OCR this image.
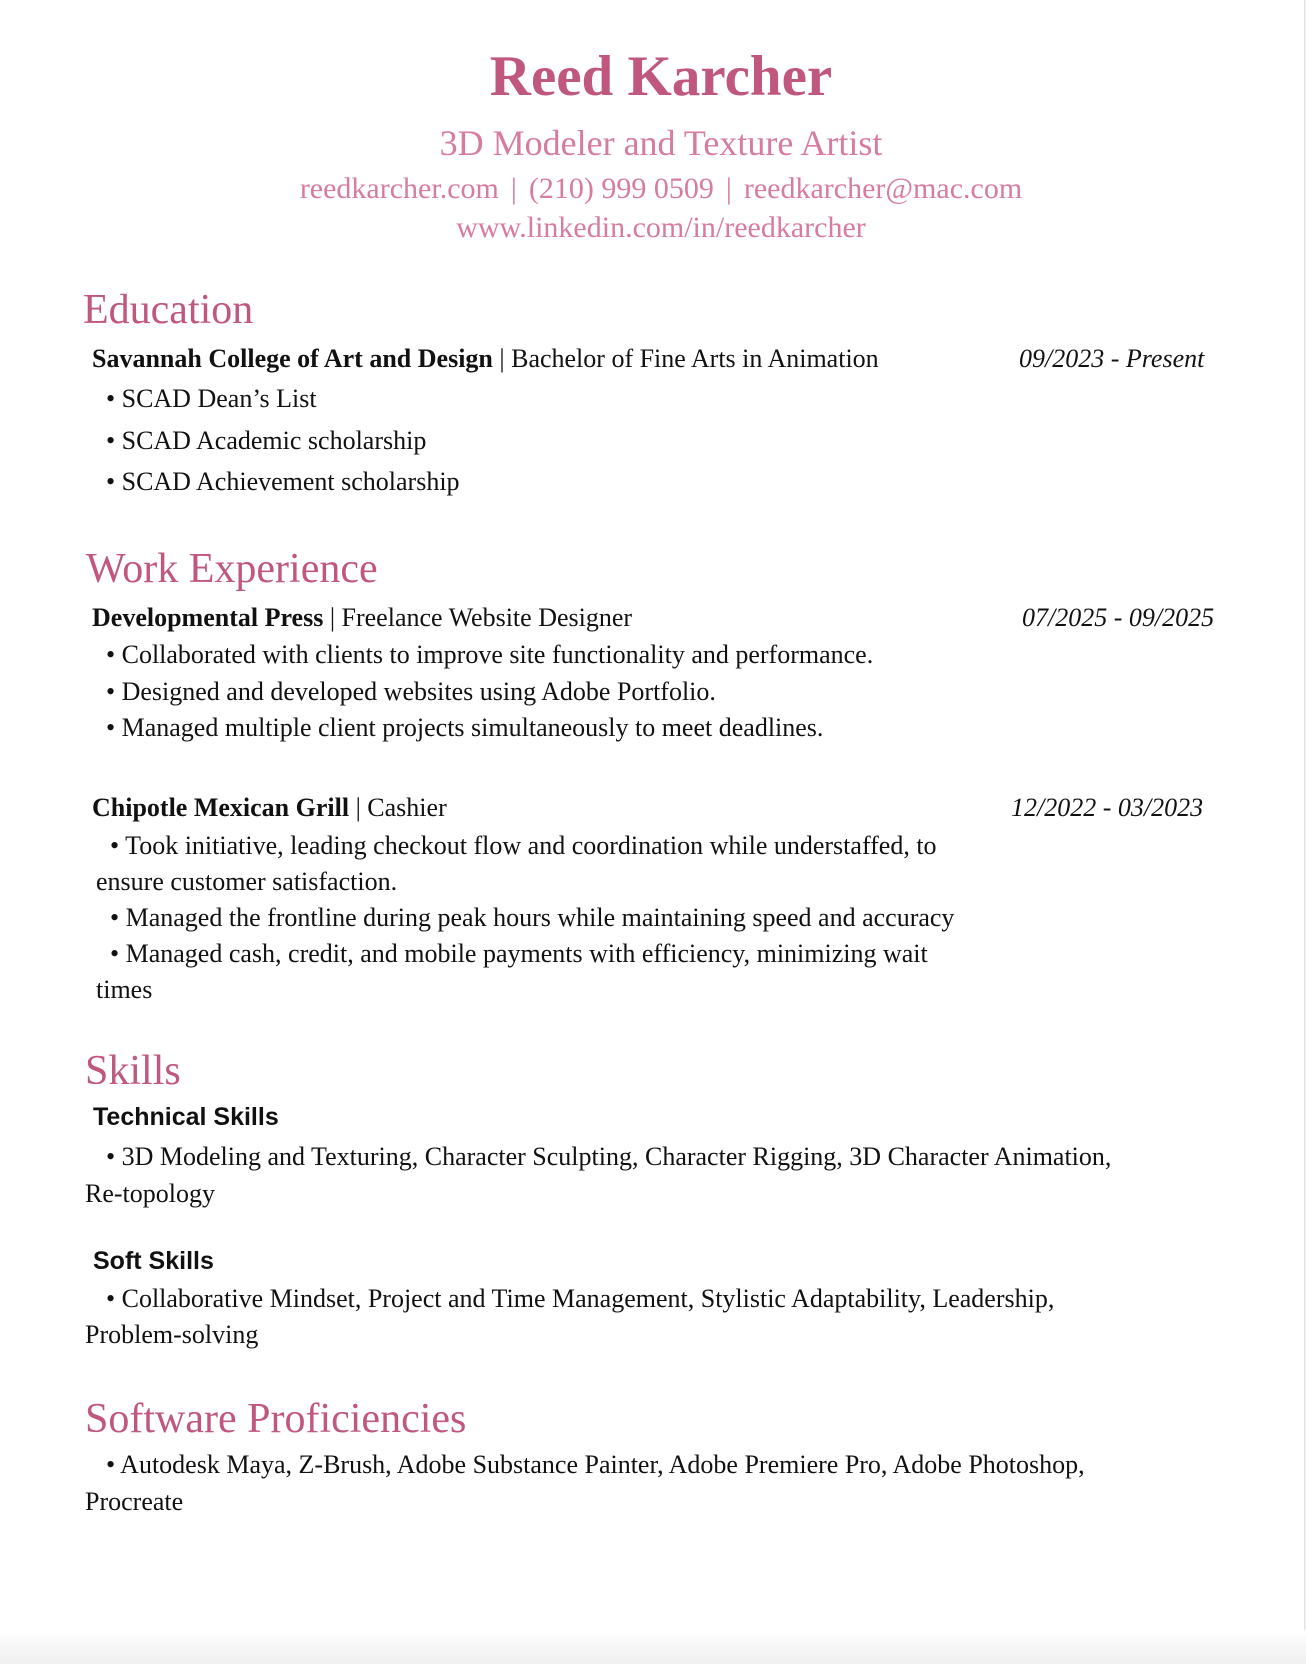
Reed Karcher
3D Modeler and Texture Artist
reedkarcher.com | (210) 999 0509 | reedkarcher@mac.com
www.linkedin.com/in/reedkarcher
Education
Savannah College of Art and Design | Bachelor of Fine Arts in Animation	09/2023 - Present
• SCAD Dean’s List
• SCAD Academic scholarship
• SCAD Achievement scholarship
Work Experience
Developmental Press | Freelance Website Designer	07/2025 - 09/2025
• Collaborated with clients to improve site functionality and performance.
• Designed and developed websites using Adobe Portfolio.
• Managed multiple client projects simultaneously to meet deadlines.
Chipotle Mexican Grill | Cashier	12/2022 - 03/2023
• Took initiative, leading checkout flow and coordination while understaffed, to
ensure customer satisfaction.
• Managed the frontline during peak hours while maintaining speed and accuracy
• Managed cash, credit, and mobile payments with efficiency, minimizing wait
times
Skills
Technical Skills
• 3D Modeling and Texturing, Character Sculpting, Character Rigging, 3D Character Animation,
Re-topology
Soft Skills
• Collaborative Mindset, Project and Time Management, Stylistic Adaptability, Leadership,
Problem-solving
Software Proficiencies
• Autodesk Maya, Z-Brush, Adobe Substance Painter, Adobe Premiere Pro, Adobe Photoshop,
Procreate
